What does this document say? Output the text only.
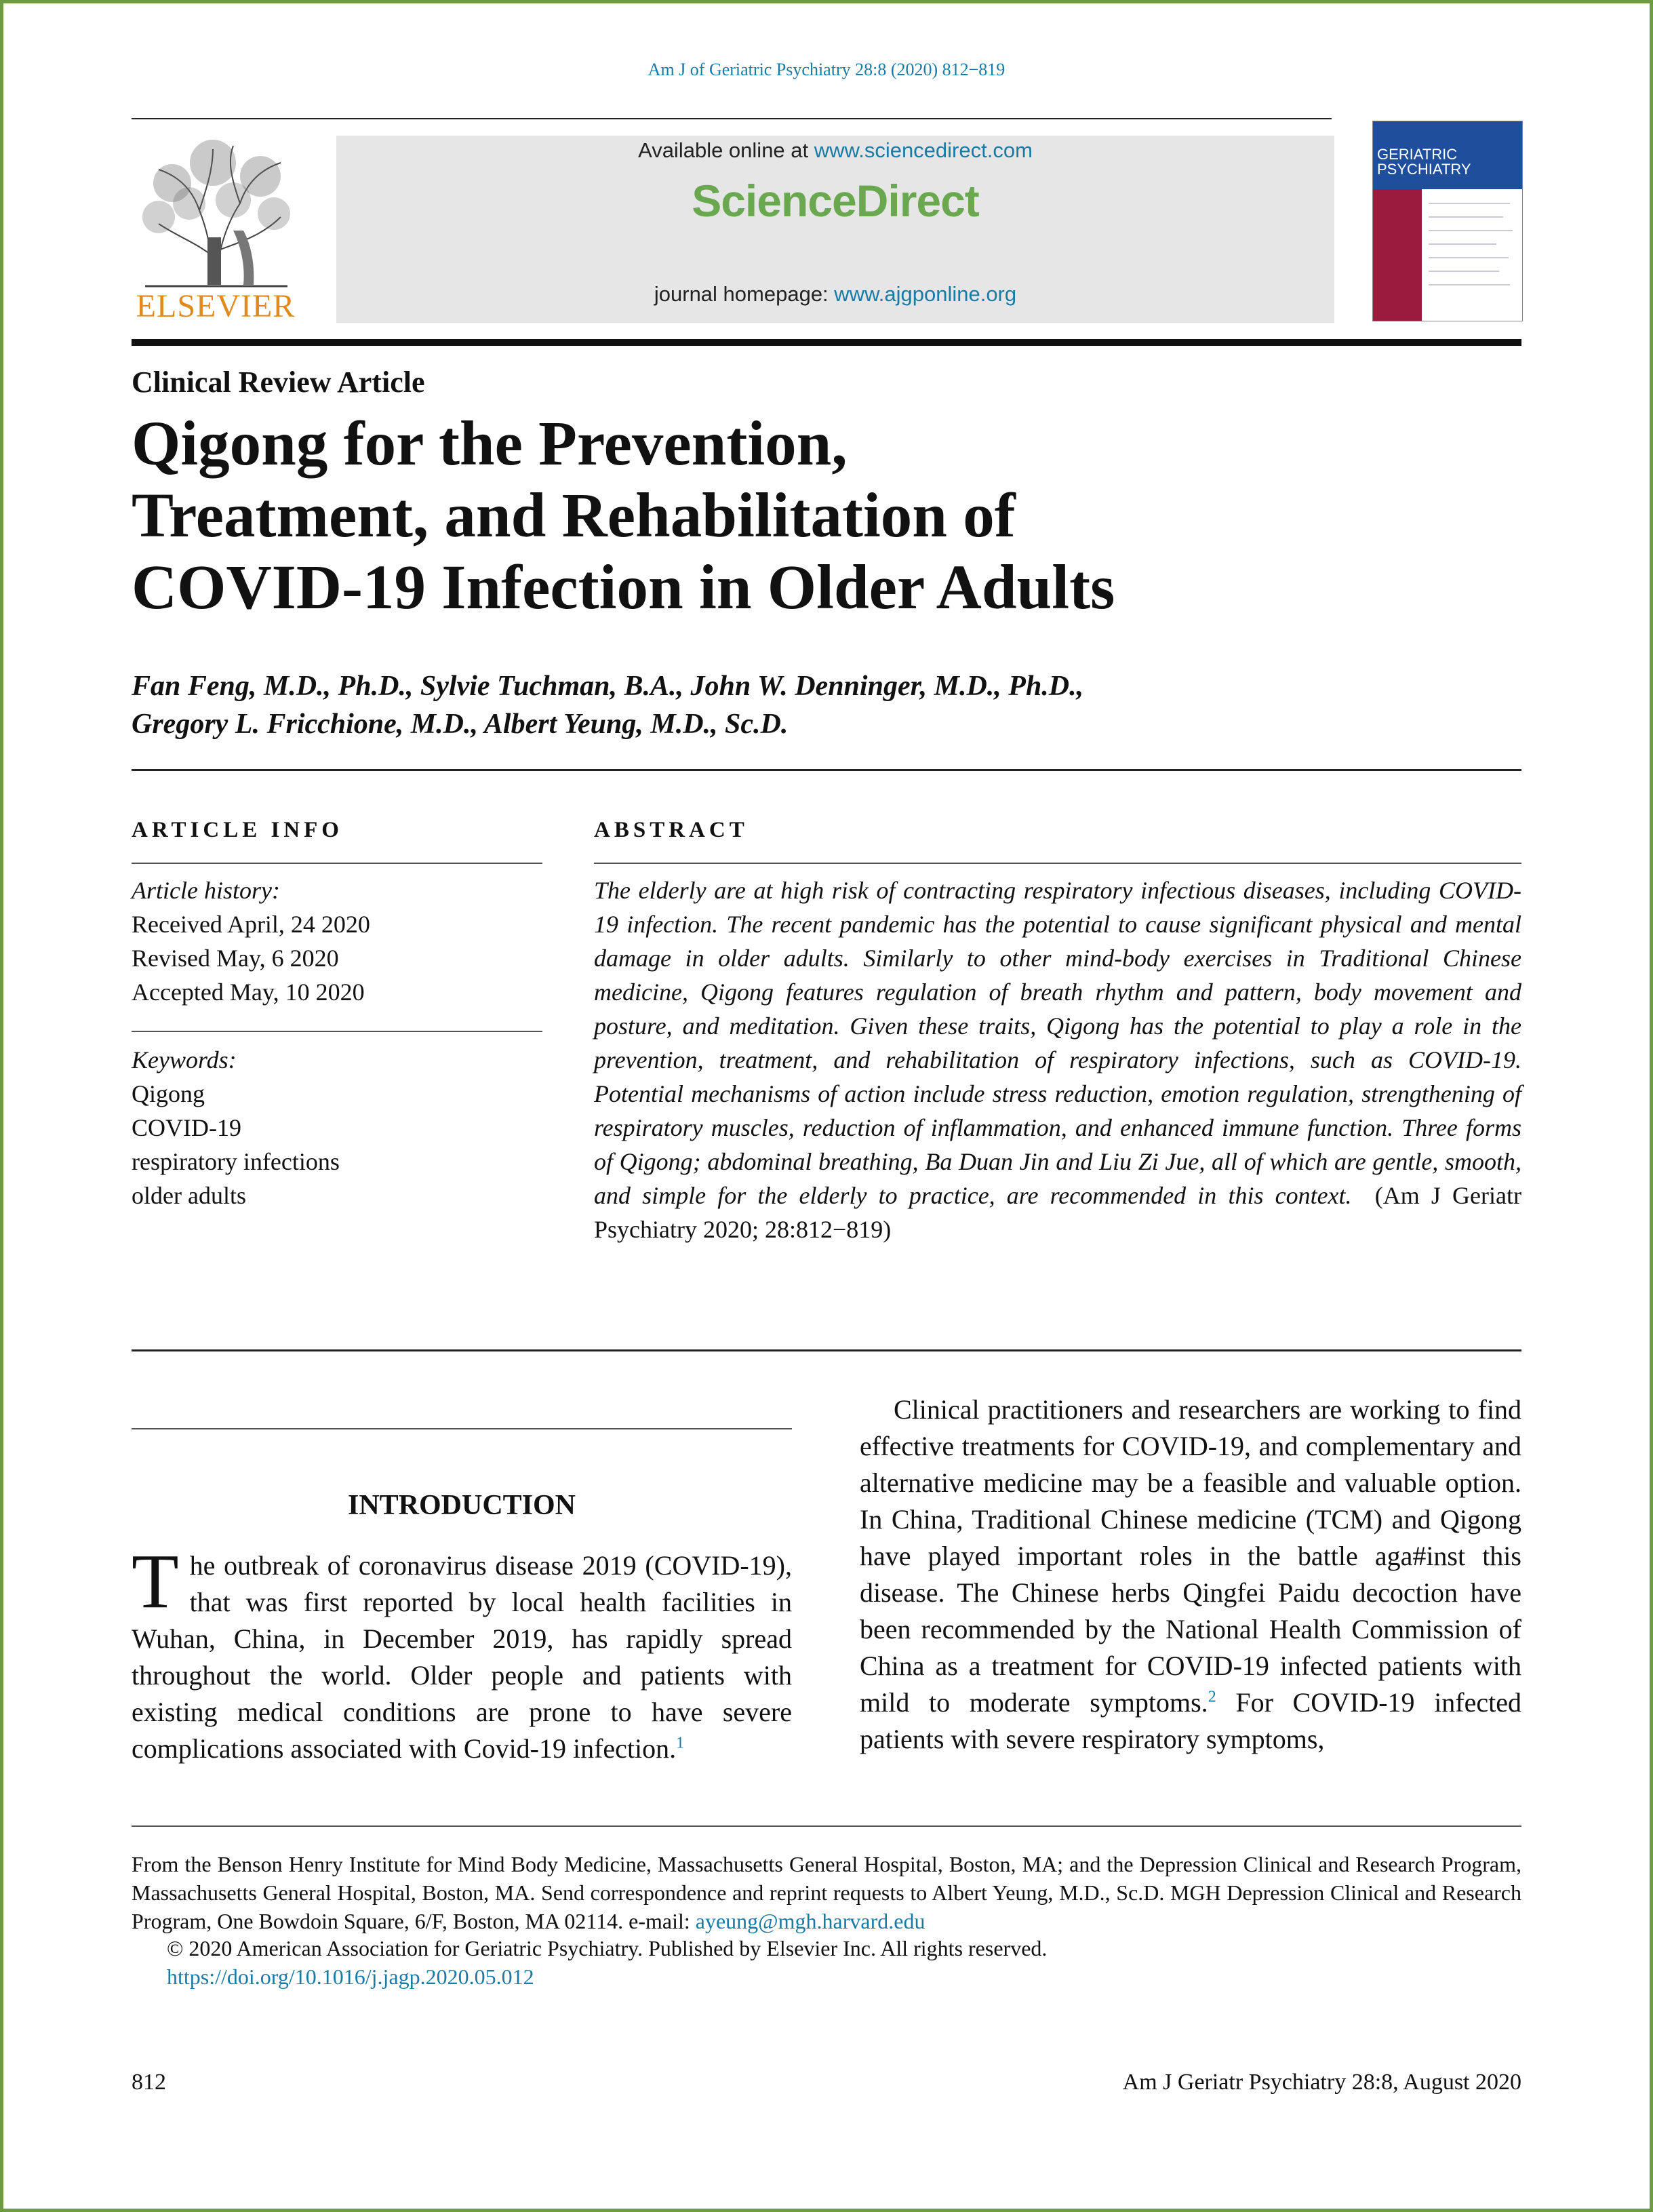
Am J of Geriatric Psychiatry 28:8 (2020) 812−819
ELSEVIER
Available online at www.sciencedirect.com
ScienceDirect
journal homepage: www.ajgponline.org
GERIATRIC PSYCHIATRY
Clinical Review Article
Qigong for the Prevention,
Treatment, and Rehabilitation of
COVID-19 Infection in Older Adults
Fan Feng, M.D., Ph.D., Sylvie Tuchman, B.A., John W. Denninger, M.D., Ph.D.,
Gregory L. Fricchione, M.D., Albert Yeung, M.D., Sc.D.
ARTICLE INFO
Article history:
Received April, 24 2020
Revised May, 6 2020
Accepted May, 10 2020
Keywords:
Qigong
COVID-19
respiratory infections
older adults
ABSTRACT
The elderly are at high risk of contracting respiratory infectious diseases, including COVID-19 infection. The recent pandemic has the potential to cause significant physical and mental damage in older adults. Similarly to other mind-body exercises in Traditional Chinese medicine, Qigong features regulation of breath rhythm and pattern, body movement and posture, and meditation. Given these traits, Qigong has the potential to play a role in the prevention, treatment, and rehabilitation of respiratory infections, such as COVID-19. Potential mechanisms of action include stress reduction, emotion regulation, strengthening of respiratory muscles, reduction of inflammation, and enhanced immune function. Three forms of Qigong; abdominal breathing, Ba Duan Jin and Liu Zi Jue, all of which are gentle, smooth, and simple for the elderly to practice, are recommended in this context. (Am J Geriatr Psychiatry 2020; 28:812−819)
INTRODUCTION
The outbreak of coronavirus disease 2019 (COVID-19), that was first reported by local health facilities in Wuhan, China, in December 2019, has rapidly spread throughout the world. Older people and patients with existing medical conditions are prone to have severe complications associated with Covid-19 infection.$^1$
Clinical practitioners and researchers are working to find effective treatments for COVID-19, and complementary and alternative medicine may be a feasible and valuable option. In China, Traditional Chinese medicine (TCM) and Qigong have played important roles in the battle aga#inst this disease. The Chinese herbs Qingfei Paidu decoction have been recommended by the National Health Commission of China as a treatment for COVID-19 infected patients with mild to moderate symptoms.$^2$ For COVID-19 infected patients with severe respiratory symptoms,
From the Benson Henry Institute for Mind Body Medicine, Massachusetts General Hospital, Boston, MA; and the Depression Clinical and Research Program, Massachusetts General Hospital, Boston, MA. Send correspondence and reprint requests to Albert Yeung, M.D., Sc.D. MGH Depression Clinical and Research Program, One Bowdoin Square, 6/F, Boston, MA 02114. e-mail: ayeung@mgh.harvard.edu
© 2020 American Association for Geriatric Psychiatry. Published by Elsevier Inc. All rights reserved.
https://doi.org/10.1016/j.jagp.2020.05.012
812	Am J Geriatr Psychiatry 28:8, August 2020
